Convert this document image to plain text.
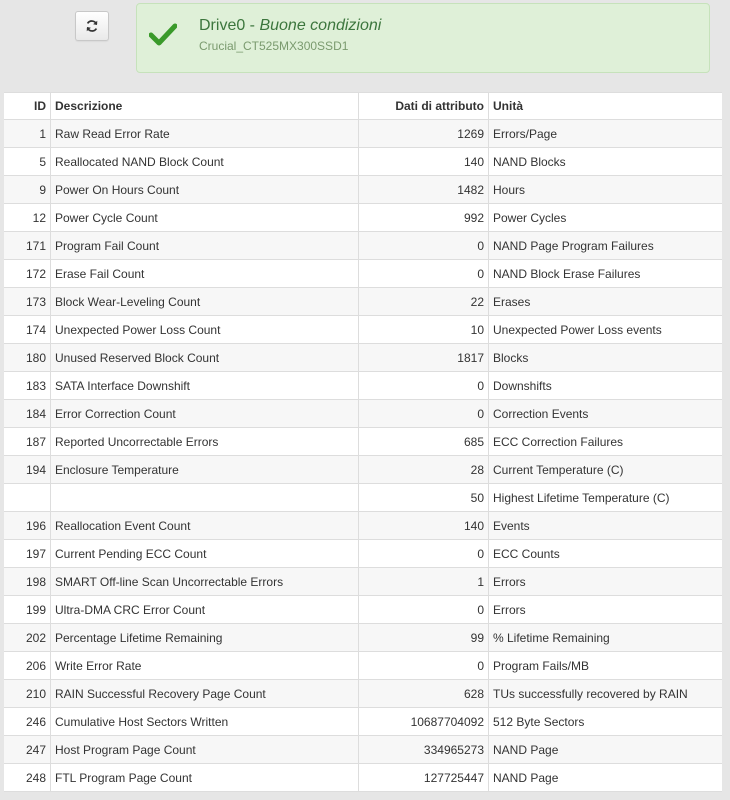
Drive0 - Buone condizioni
Crucial_CT525MX300SSD1
ID	Descrizione	Dati di attributo	Unità
1	Raw Read Error Rate	1269	Errors/Page
5	Reallocated NAND Block Count	140	NAND Blocks
9	Power On Hours Count	1482	Hours
12	Power Cycle Count	992	Power Cycles
171	Program Fail Count	0	NAND Page Program Failures
172	Erase Fail Count	0	NAND Block Erase Failures
173	Block Wear-Leveling Count	22	Erases
174	Unexpected Power Loss Count	10	Unexpected Power Loss events
180	Unused Reserved Block Count	1817	Blocks
183	SATA Interface Downshift	0	Downshifts
184	Error Correction Count	0	Correction Events
187	Reported Uncorrectable Errors	685	ECC Correction Failures
194	Enclosure Temperature	28	Current Temperature (C)
		50	Highest Lifetime Temperature (C)
196	Reallocation Event Count	140	Events
197	Current Pending ECC Count	0	ECC Counts
198	SMART Off-line Scan Uncorrectable Errors	1	Errors
199	Ultra-DMA CRC Error Count	0	Errors
202	Percentage Lifetime Remaining	99	% Lifetime Remaining
206	Write Error Rate	0	Program Fails/MB
210	RAIN Successful Recovery Page Count	628	TUs successfully recovered by RAIN
246	Cumulative Host Sectors Written	10687704092	512 Byte Sectors
247	Host Program Page Count	334965273	NAND Page
248	FTL Program Page Count	127725447	NAND Page
